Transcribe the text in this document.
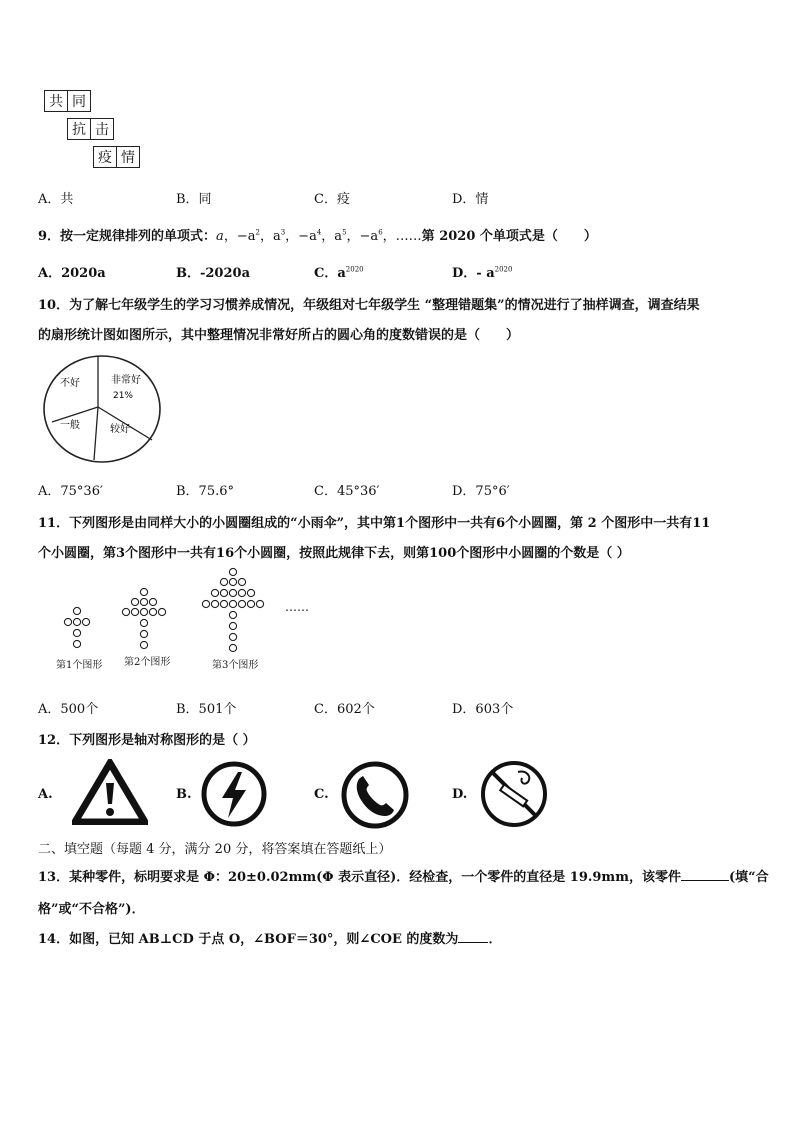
共 同
抗 击
疫 情
A．共	B．同	C．疫	D．情
9．按一定规律排列的单项式：a，$-a^2$，$a^3$，$-a^4$，$a^5$，$-a^6$，……第 2020 个单项式是（　　）
A．2020a	B．-2020a	C．$a^{2020}$	D．- $a^{2020}$
10．为了解七年级学生的学习习惯养成情况，年级组对七年级学生 “整理错题集”的情况进行了抽样调查，调查结果
的扇形统计图如图所示，其中整理情况非常好所占的圆心角的度数错误的是（　　）
不好	非常好
21%
一般	较好
A．75°36′	B．75.6°	C．45°36′	D．75°6′
11．下列图形是由同样大小的小圆圈组成的“小雨伞”，其中第1个图形中一共有6个小圆圈，第 2 个图形中一共有11
个小圆圈，第3个图形中一共有16个小圆圈，按照此规律下去，则第100个图形中小圆圈的个数是（ ）
……
第1个图形 第2个图形	第3个图形
A．500个	B．501个	C．602个	D．603个
12．下列图形是轴对称图形的是（ ）
A.	B.	C.	D.
二、填空题（每题 4 分，满分 20 分，将答案填在答题纸上）
13．某种零件，标明要求是 Φ：20±0.02mm(Φ 表示直径)．经检查，一个零件的直径是 19.9mm，该零件	(填“合
格”或“不合格”)．
14．如图，已知 AB⊥CD 于点 O，∠BOF＝30°，则∠COE 的度数为 ．
